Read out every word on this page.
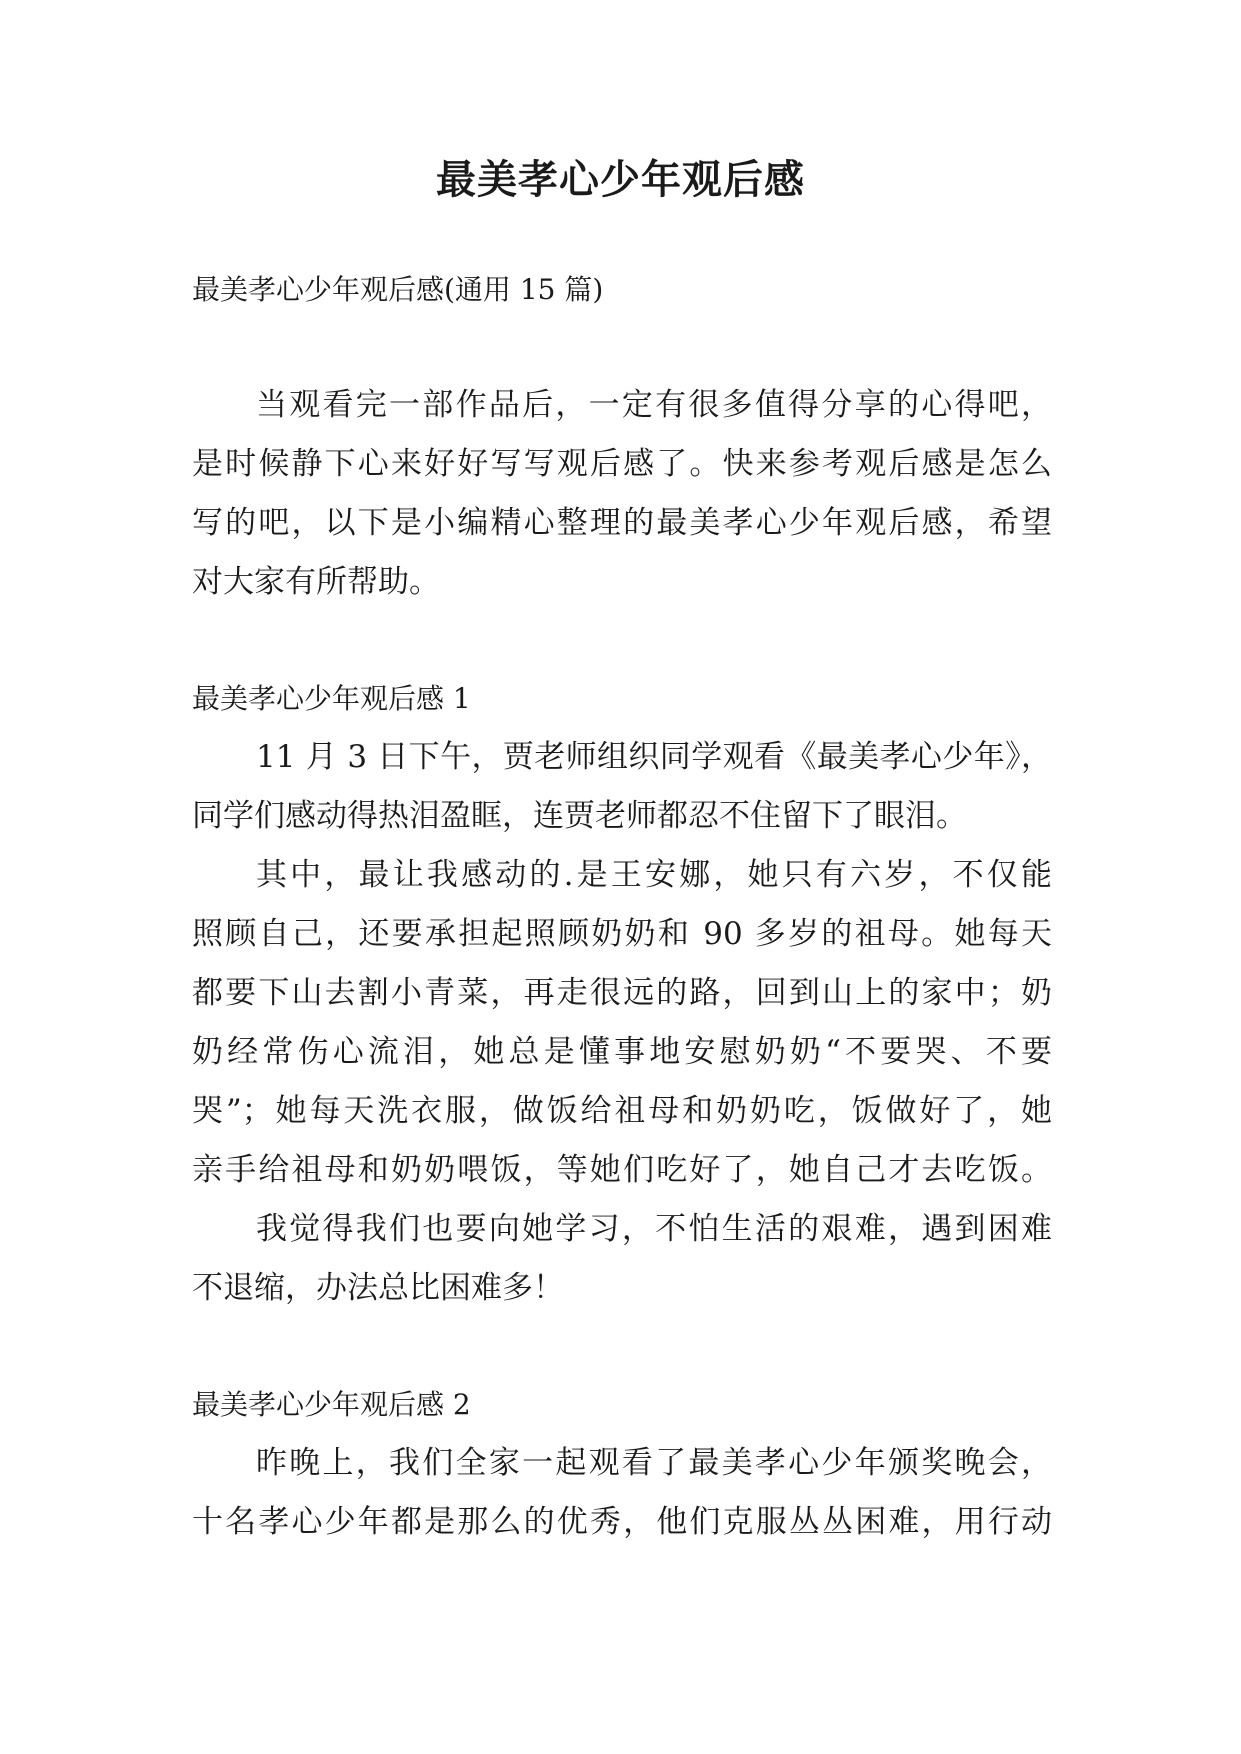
最美孝心少年观后感

最美孝心少年观后感(通用 15 篇)

当观看完一部作品后，一定有很多值得分享的心得吧，

是时候静下心来好好写写观后感了。快来参考观后感是怎么

写的吧，以下是小编精心整理的最美孝心少年观后感，希望

对大家有所帮助。

最美孝心少年观后感 1

11 月 3 日下午，贾老师组织同学观看《最美孝心少年》，

同学们感动得热泪盈眶，连贾老师都忍不住留下了眼泪。

其中，最让我感动的.是王安娜，她只有六岁，不仅能

照顾自己，还要承担起照顾奶奶和 90 多岁的祖母。她每天

都要下山去割小青菜，再走很远的路，回到山上的家中；奶

奶经常伤心流泪，她总是懂事地安慰奶奶“不要哭、不要

哭”；她每天洗衣服，做饭给祖母和奶奶吃，饭做好了，她

亲手给祖母和奶奶喂饭，等她们吃好了，她自己才去吃饭。

我觉得我们也要向她学习，不怕生活的艰难，遇到困难

不退缩，办法总比困难多！

最美孝心少年观后感 2

昨晚上，我们全家一起观看了最美孝心少年颁奖晚会，

十名孝心少年都是那么的优秀，他们克服丛丛困难，用行动
